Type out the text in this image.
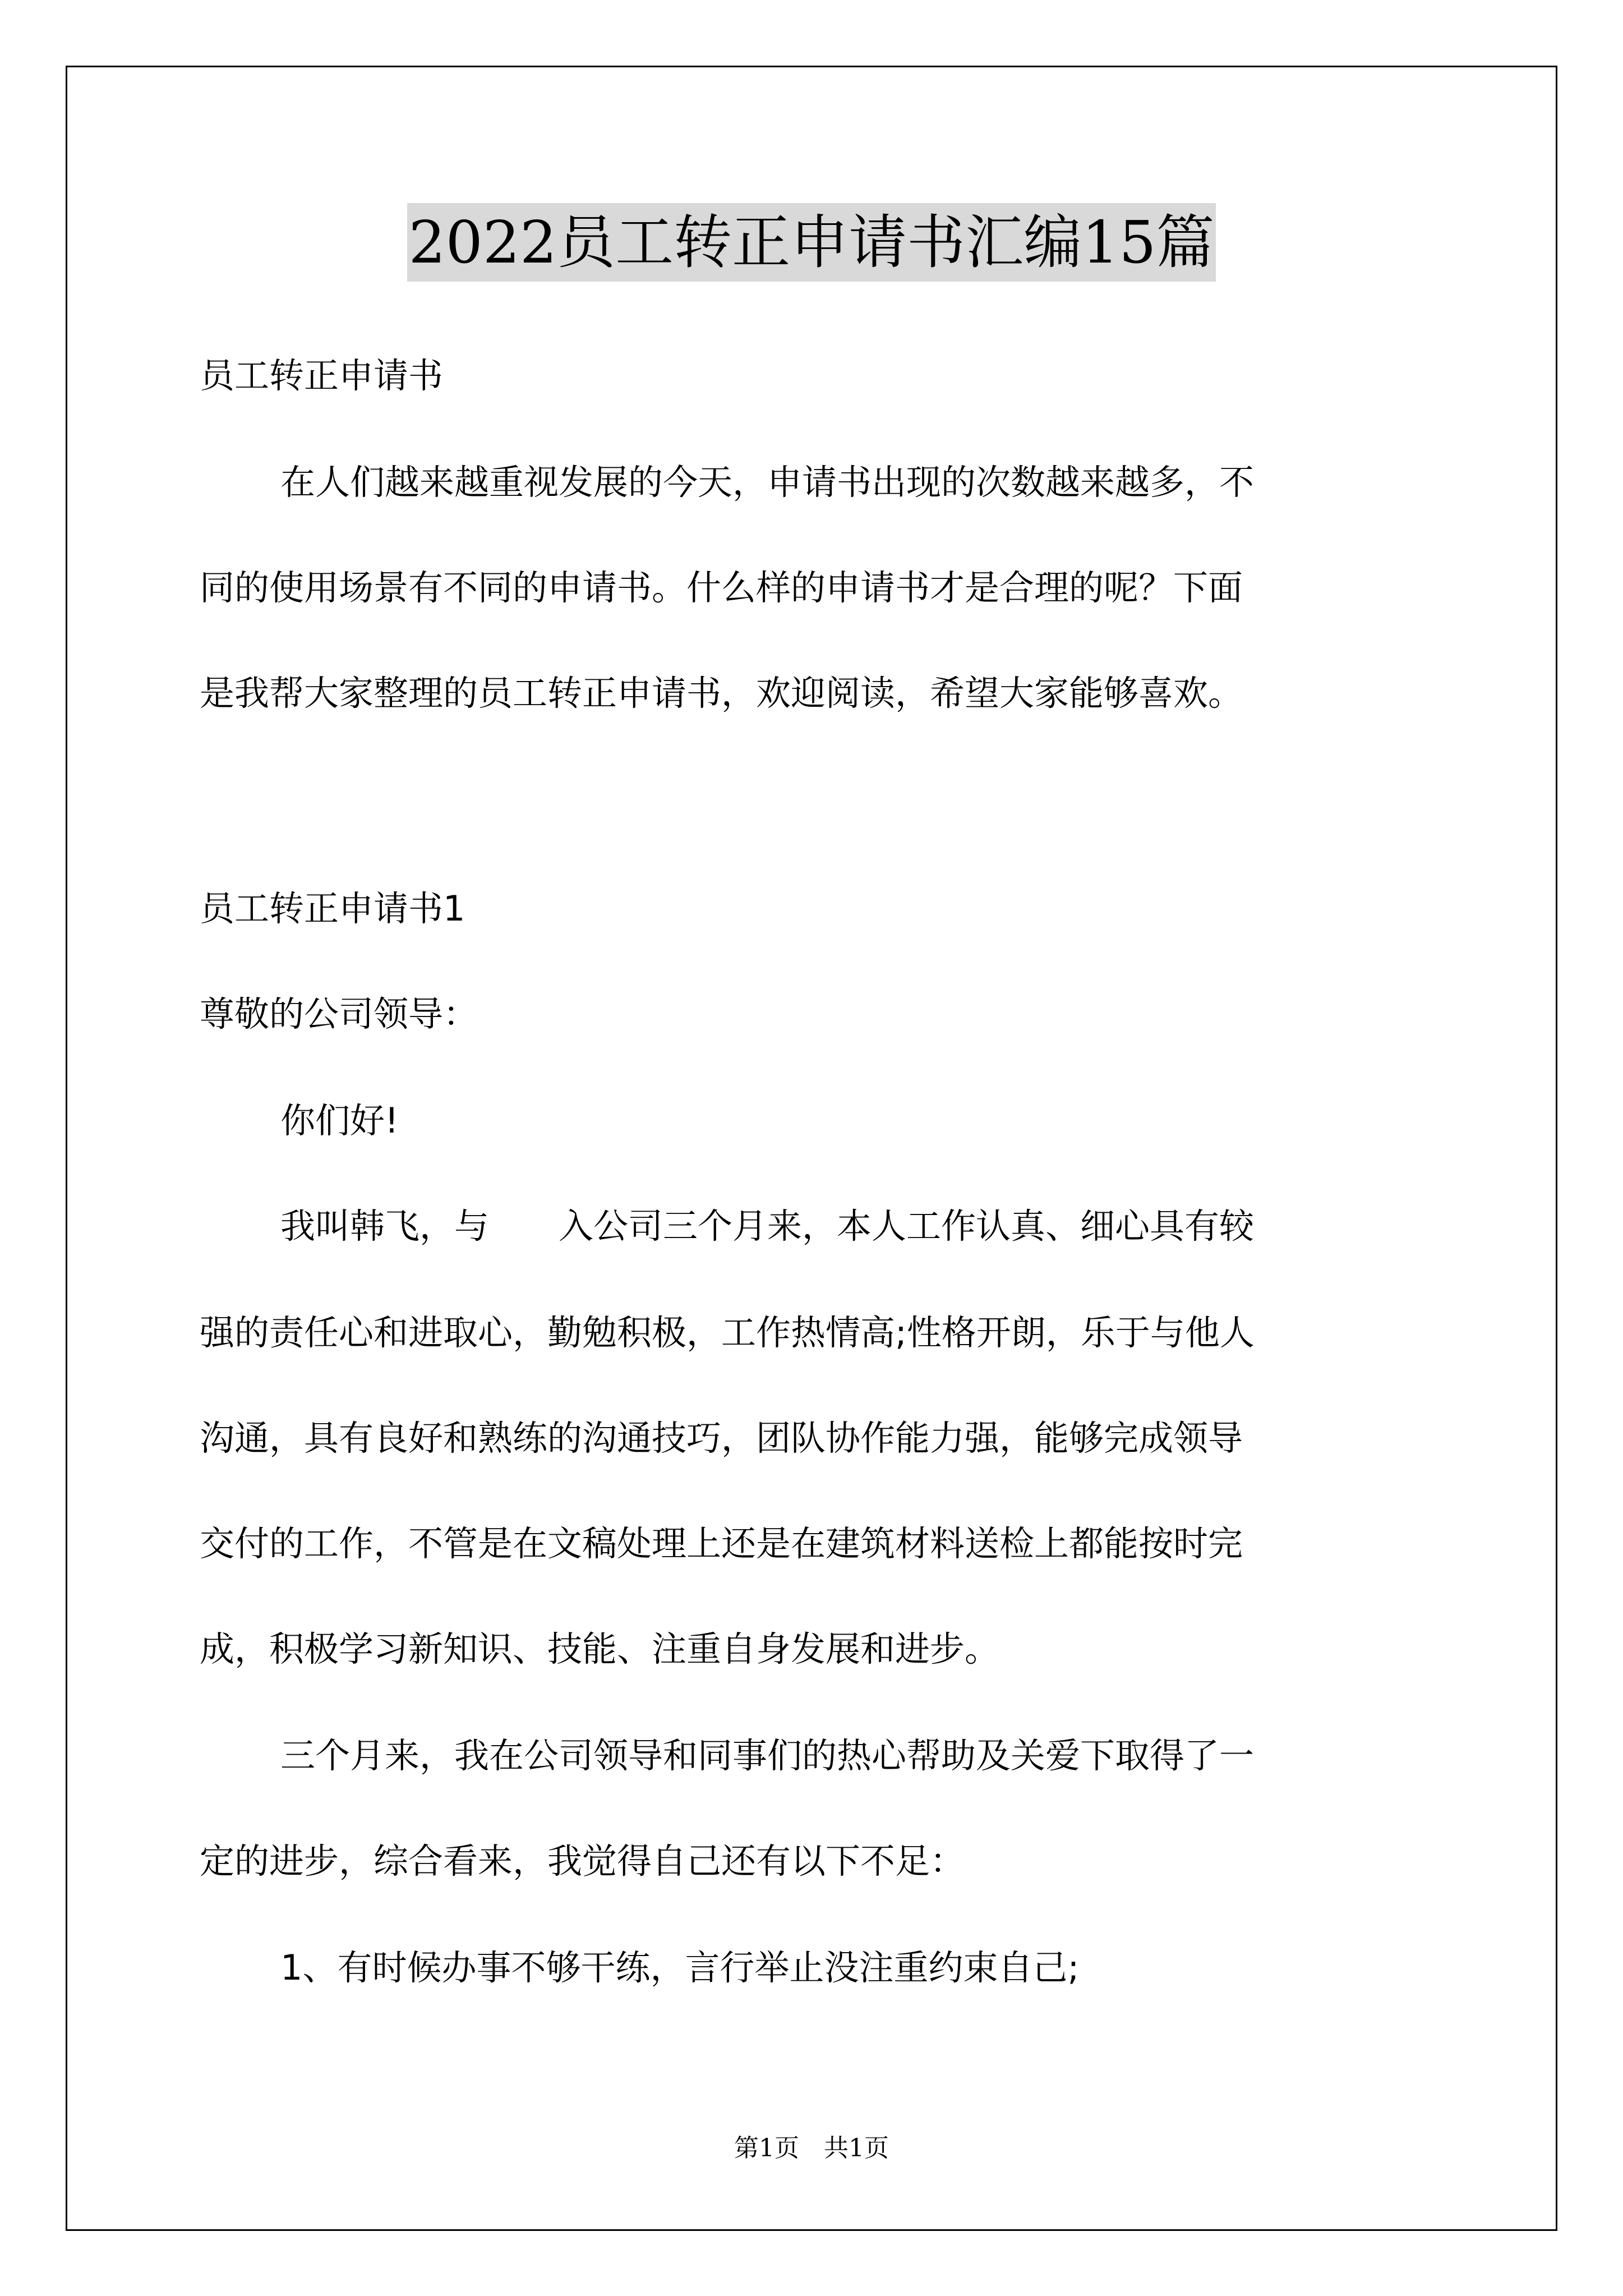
2022员工转正申请书汇编15篇
员工转正申请书
在人们越来越重视发展的今天，申请书出现的次数越来越多，不
同的使用场景有不同的申请书。什么样的申请书才是合理的呢？下面
是我帮大家整理的员工转正申请书，欢迎阅读，希望大家能够喜欢。
员工转正申请书1
尊敬的公司领导：
你们好!
我叫韩飞，与　　入公司三个月来，本人工作认真、细心具有较
强的责任心和进取心，勤勉积极，工作热情高;性格开朗，乐于与他人
沟通，具有良好和熟练的沟通技巧，团队协作能力强，能够完成领导
交付的工作，不管是在文稿处理上还是在建筑材料送检上都能按时完
成，积极学习新知识、技能、注重自身发展和进步。
三个月来，我在公司领导和同事们的热心帮助及关爱下取得了一
定的进步，综合看来，我觉得自己还有以下不足：
1、有时候办事不够干练，言行举止没注重约束自己;
第1页　共1页
